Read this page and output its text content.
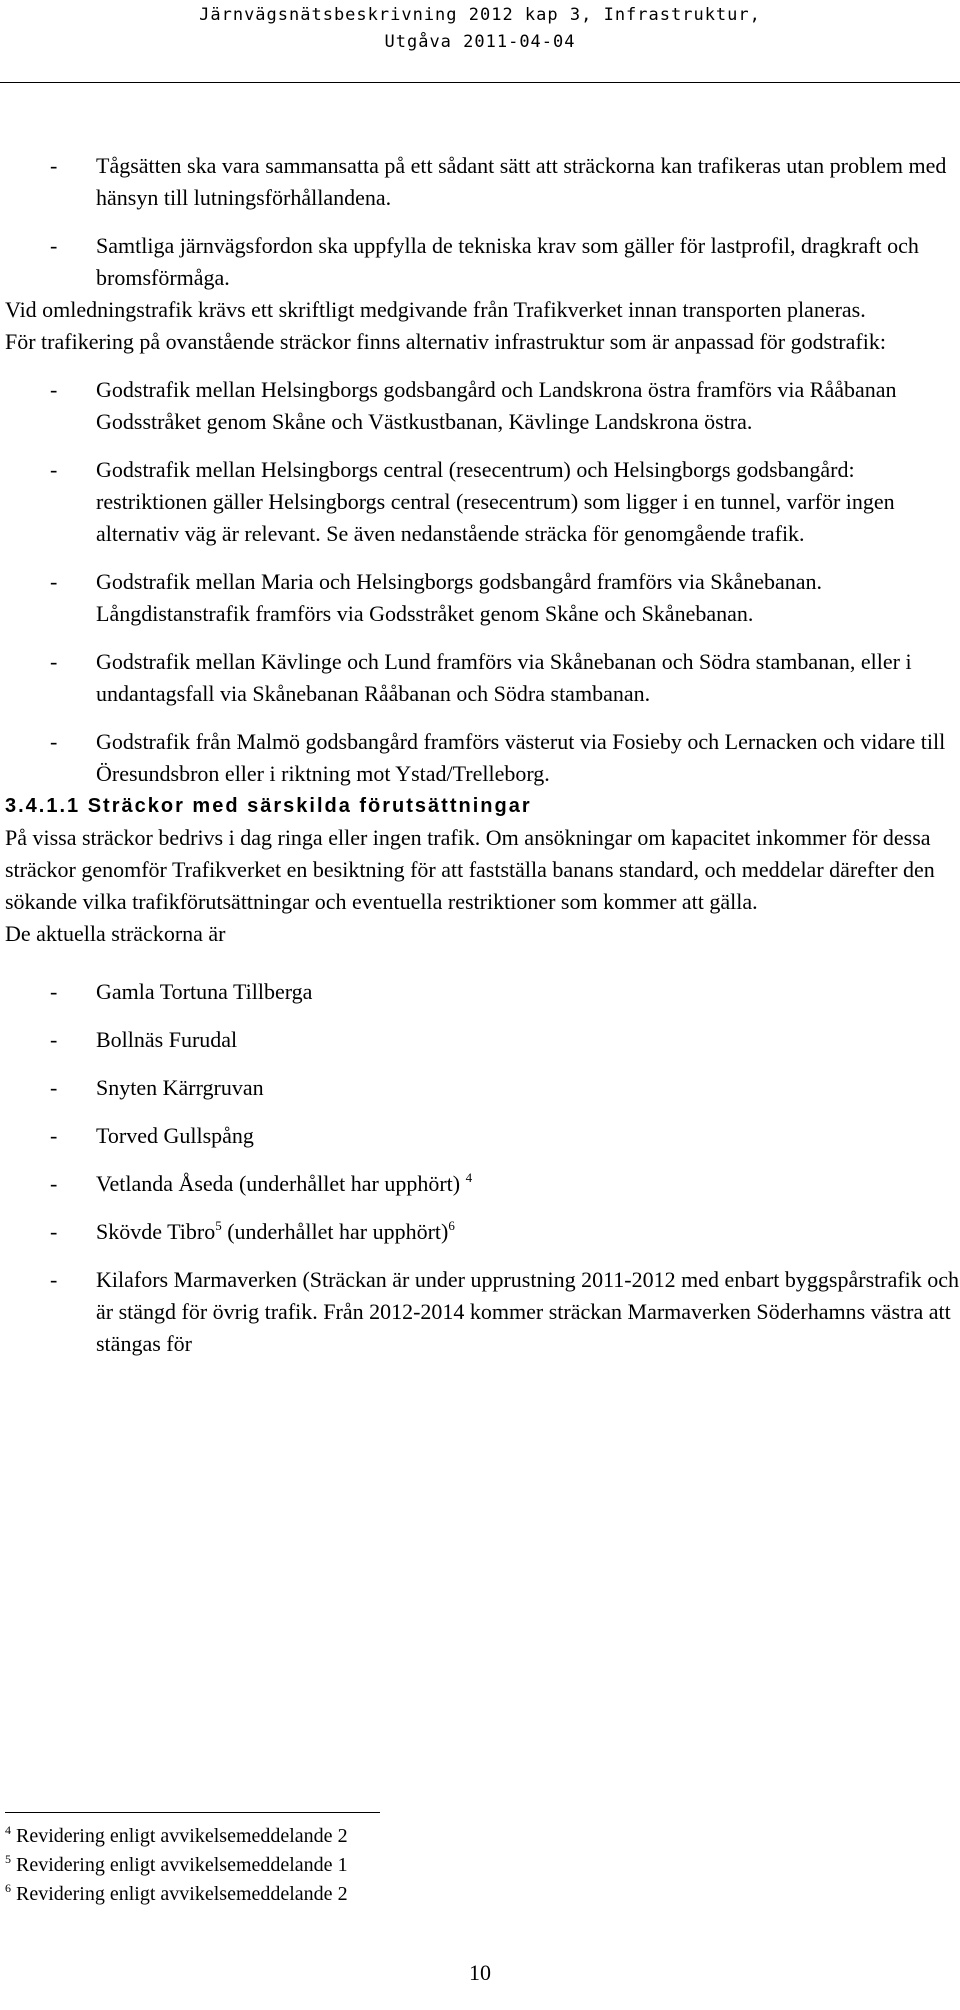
Järnvägsnätsbeskrivning 2012 kap 3, Infrastruktur,
Utgåva 2011-04-04
- Tågsätten ska vara sammansatta på ett sådant sätt att sträckorna kan trafikeras utan problem med hänsyn till lutningsförhållandena.
- Samtliga järnvägsfordon ska uppfylla de tekniska krav som gäller för lastprofil, dragkraft och bromsförmåga.

Vid omledningstrafik krävs ett skriftligt medgivande från Trafikverket innan transporten planeras.

För trafikering på ovanstående sträckor finns alternativ infrastruktur som är anpassad för godstrafik:

- Godstrafik mellan Helsingborgs godsbangård och Landskrona östra framförs via Rååbanan Godsstråket genom Skåne och Västkustbanan, Kävlinge Landskrona östra.
- Godstrafik mellan Helsingborgs central (resecentrum) och Helsingborgs godsbangård: restriktionen gäller Helsingborgs central (resecentrum) som ligger i en tunnel, varför ingen alternativ väg är relevant. Se även nedanstående sträcka för genomgående trafik.
- Godstrafik mellan Maria och Helsingborgs godsbangård framförs via Skånebanan. Långdistanstrafik framförs via Godsstråket genom Skåne och Skånebanan.
- Godstrafik mellan Kävlinge och Lund framförs via Skånebanan och Södra stambanan, eller i undantagsfall via Skånebanan Rååbanan och Södra stambanan.
- Godstrafik från Malmö godsbangård framförs västerut via Fosieby och Lernacken och vidare till Öresundsbron eller i riktning mot Ystad/Trelleborg.

3.4.1.1 Sträckor med särskilda förutsättningar

På vissa sträckor bedrivs i dag ringa eller ingen trafik. Om ansökningar om kapacitet inkommer för dessa sträckor genomför Trafikverket en besiktning för att fastställa banans standard, och meddelar därefter den sökande vilka trafikförutsättningar och eventuella restriktioner som kommer att gälla.

De aktuella sträckorna är

- Gamla Tortuna Tillberga
- Bollnäs Furudal
- Snyten Kärrgruvan
- Torved Gullspång
- Vetlanda Åseda (underhållet har upphört) $^4$
- Skövde Tibro$^5$ (underhållet har upphört)$^6$
- Kilafors Marmaverken (Sträckan är under upprustning 2011-2012 med enbart byggspårstrafik och är stängd för övrig trafik. Från 2012-2014 kommer sträckan Marmaverken Söderhamns västra att stängas för
$^4$ Revidering enligt avvikelsemeddelande 2
$^5$ Revidering enligt avvikelsemeddelande 1
$^6$ Revidering enligt avvikelsemeddelande 2
10
